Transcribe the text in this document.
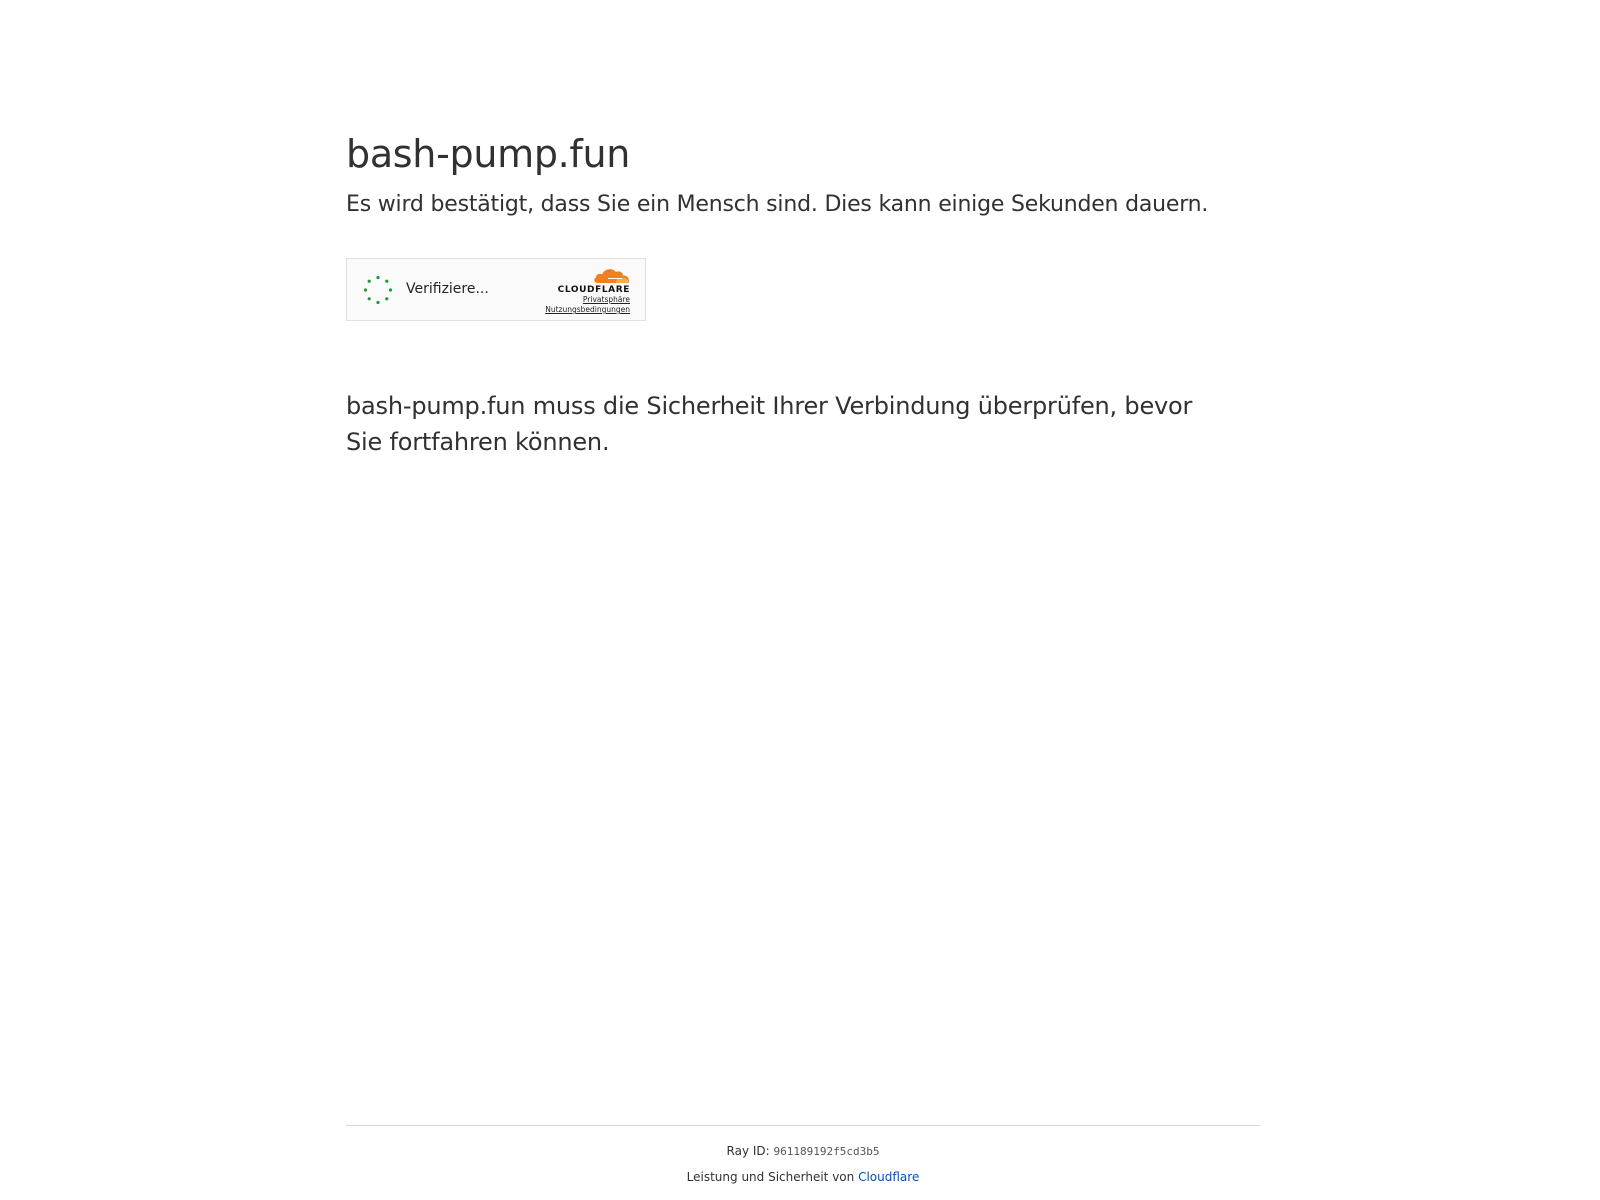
bash-pump.fun
Es wird bestätigt, dass Sie ein Mensch sind. Dies kann einige Sekunden dauern.
Verifiziere...	CLOUDFLARE
Privatsphäre
Nutzungsbedingungen

bash-pump.fun muss die Sicherheit Ihrer Verbindung überprüfen, bevor Sie fortfahren können.

Ray ID: 961189192f5cd3b5
Leistung und Sicherheit von Cloudflare
